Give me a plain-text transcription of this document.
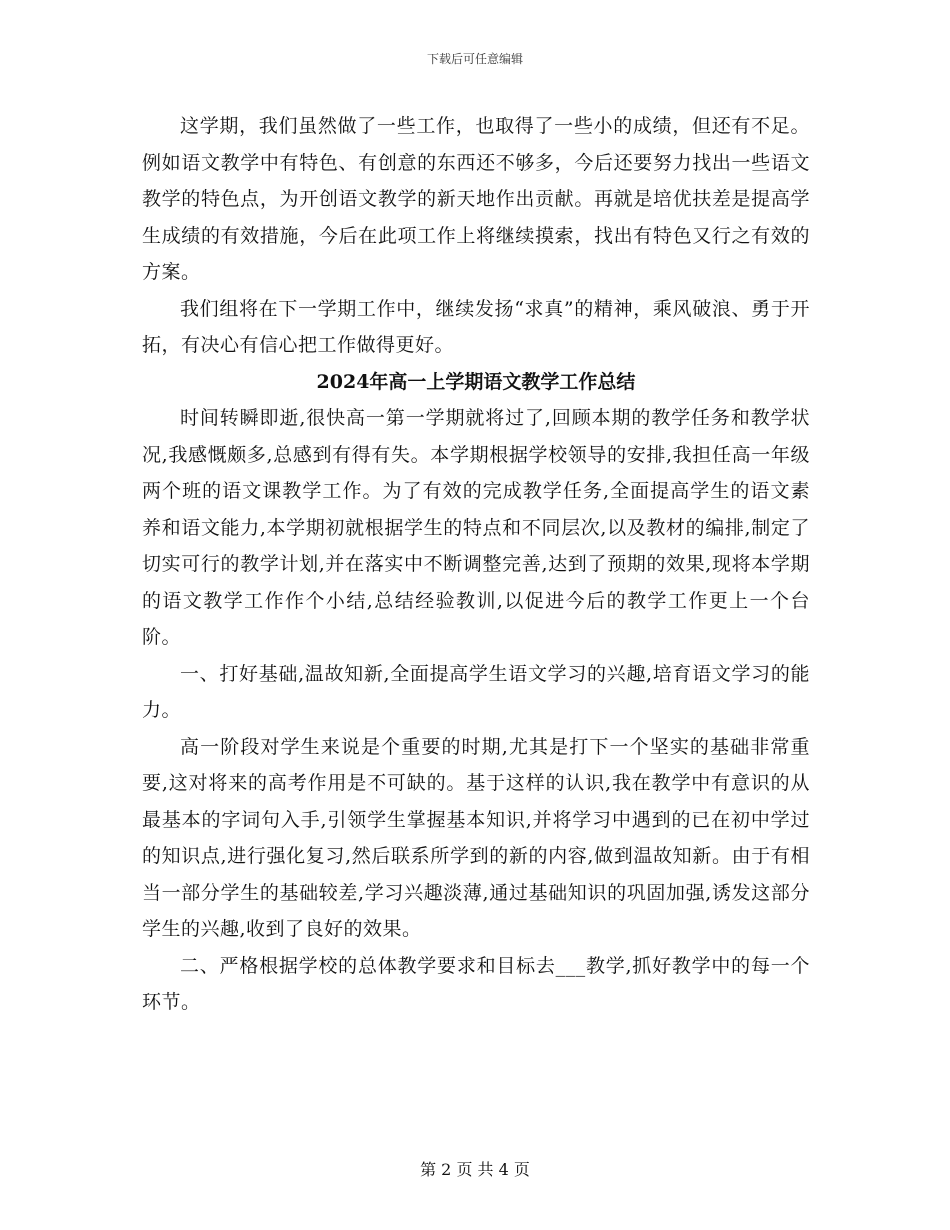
下载后可任意编辑

这学期，我们虽然做了一些工作，也取得了一些小的成绩，但还有不足。例如语文教学中有特色、有创意的东西还不够多，今后还要努力找出一些语文教学的特色点，为开创语文教学的新天地作出贡献。再就是培优扶差是提高学生成绩的有效措施，今后在此项工作上将继续摸索，找出有特色又行之有效的方案。

我们组将在下一学期工作中，继续发扬“求真”的精神，乘风破浪、勇于开拓，有决心有信心把工作做得更好。

2024年高一上学期语文教学工作总结

时间转瞬即逝,很快高一第一学期就将过了,回顾本期的教学任务和教学状况,我感慨颇多,总感到有得有失。本学期根据学校领导的安排,我担任高一年级两个班的语文课教学工作。为了有效的完成教学任务,全面提高学生的语文素养和语文能力,本学期初就根据学生的特点和不同层次,以及教材的编排,制定了切实可行的教学计划,并在落实中不断调整完善,达到了预期的效果,现将本学期的语文教学工作作个小结,总结经验教训,以促进今后的教学工作更上一个台阶。

一、打好基础,温故知新,全面提高学生语文学习的兴趣,培育语文学习的能力。

高一阶段对学生来说是个重要的时期,尤其是打下一个坚实的基础非常重要,这对将来的高考作用是不可缺的。基于这样的认识,我在教学中有意识的从最基本的字词句入手,引领学生掌握基本知识,并将学习中遇到的已在初中学过的知识点,进行强化复习,然后联系所学到的新的内容,做到温故知新。由于有相当一部分学生的基础较差,学习兴趣淡薄,通过基础知识的巩固加强,诱发这部分学生的兴趣,收到了良好的效果。

二、严格根据学校的总体教学要求和目标去___教学,抓好教学中的每一个环节。

第 2 页 共 4 页
